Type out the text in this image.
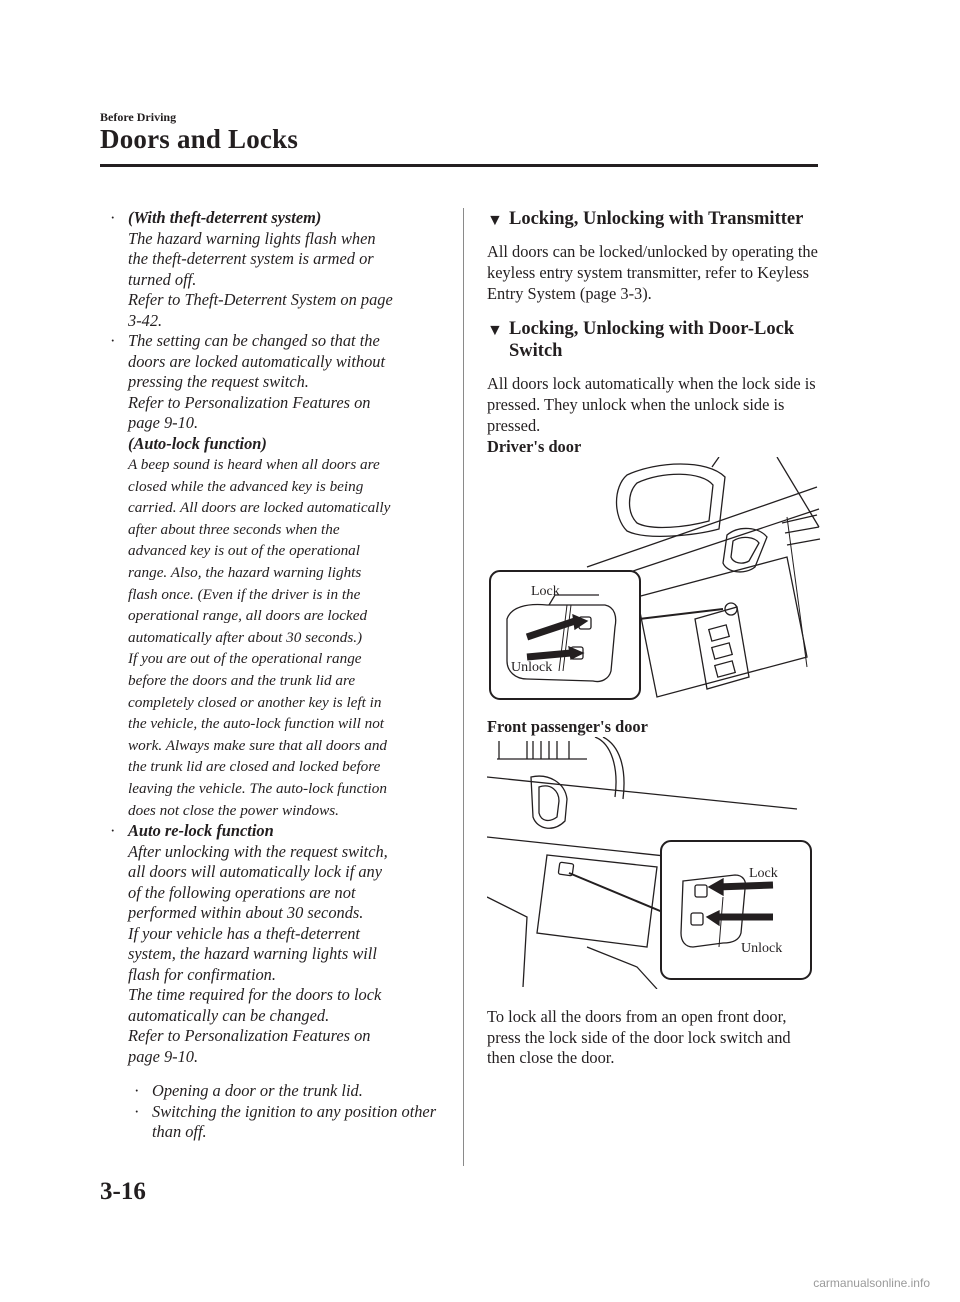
Before Driving
Doors and Locks
· (With theft-deterrent system)

The hazard warning lights flash when

the theft-deterrent system is armed or

turned off.

Refer to Theft-Deterrent System on page

3-42.

· The setting can be changed so that the

doors are locked automatically without

pressing the request switch.

Refer to Personalization Features on

page 9-10.

(Auto-lock function)

A beep sound is heard when all doors are

closed while the advanced key is being

carried. All doors are locked automatically

after about three seconds when the

advanced key is out of the operational

range. Also, the hazard warning lights

flash once. (Even if the driver is in the

operational range, all doors are locked

automatically after about 30 seconds.)

If you are out of the operational range

before the doors and the trunk lid are

completely closed or another key is left in

the vehicle, the auto-lock function will not

work. Always make sure that all doors and

the trunk lid are closed and locked before

leaving the vehicle. The auto-lock function

does not close the power windows.

· Auto re-lock function

After unlocking with the request switch,

all doors will automatically lock if any

of the following operations are not

performed within about 30 seconds.

If your vehicle has a theft-deterrent

system, the hazard warning lights will

flash for confirmation.

The time required for the doors to lock

automatically can be changed.

Refer to Personalization Features on

page 9-10.

· Opening a door or the trunk lid.

· Switching the ignition to any position other than off.

▼ Locking, Unlocking with Transmitter

All doors can be locked/unlocked by operating the keyless entry system transmitter, refer to Keyless Entry System (page 3-3).

▼ Locking, Unlocking with Door-Lock Switch

All doors lock automatically when the lock side is pressed. They unlock when the unlock side is pressed.

Driver's door
Lock
Unlock
Front passenger's door
Lock
Unlock

To lock all the doors from an open front door, press the lock side of the door lock switch and then close the door.

3-16
carmanualsonline.info
